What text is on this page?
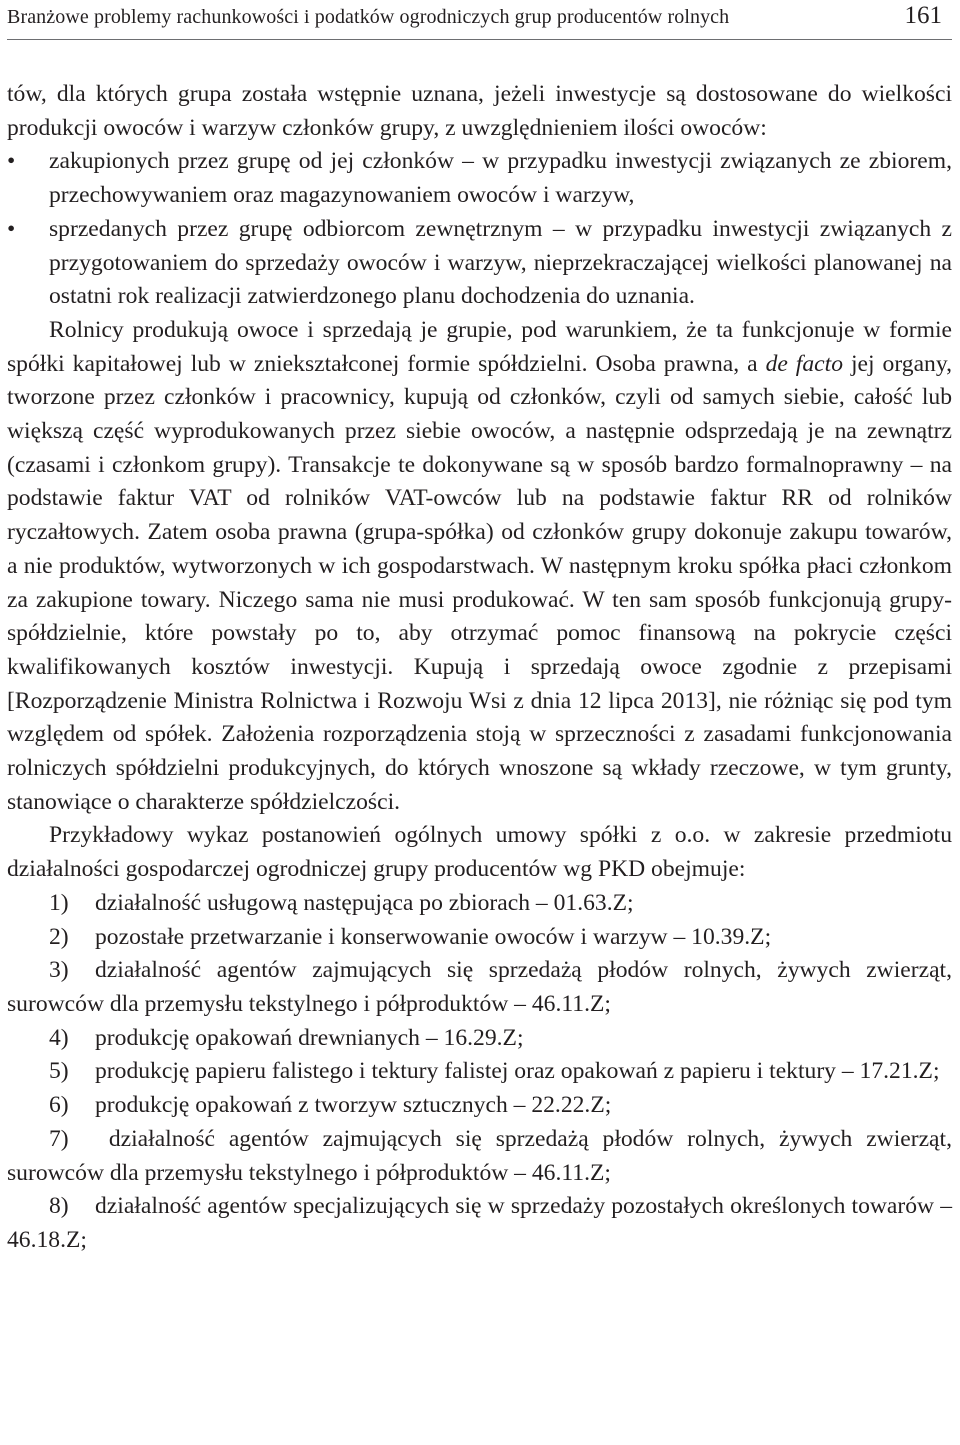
Branżowe problemy rachunkowości i podatków ogrodniczych grup producentów rolnych	161

tów, dla których grupa została wstępnie uznana, jeżeli inwestycje są dostosowane do wielkości produkcji owoców i warzyw członków grupy, z uwzględnieniem ilości owoców:

• zakupionych przez grupę od jej członków – w przypadku inwestycji związanych ze zbiorem, przechowywaniem oraz magazynowaniem owoców i warzyw,
• sprzedanych przez grupę odbiorcom zewnętrznym – w przypadku inwestycji związanych z przygotowaniem do sprzedaży owoców i warzyw, nieprzekraczającej wielkości planowanej na ostatni rok realizacji zatwierdzonego planu dochodzenia do uznania.

Rolnicy produkują owoce i sprzedają je grupie, pod warunkiem, że ta funkcjonuje w formie spółki kapitałowej lub w zniekształconej formie spółdzielni. Osoba prawna, a de facto jej organy, tworzone przez członków i pracownicy, kupują od członków, czyli od samych siebie, całość lub większą część wyprodukowanych przez siebie owoców, a następnie odsprzedają je na zewnątrz (czasami i członkom grupy). Transakcje te dokonywane są w sposób bardzo formalnoprawny – na podstawie faktur VAT od rolników VAT-owców lub na podstawie faktur RR od rolników ryczałtowych. Zatem osoba prawna (grupa-spółka) od członków grupy dokonuje zakupu towarów, a nie produktów, wytworzonych w ich gospodarstwach. W następnym kroku spółka płaci członkom za zakupione towary. Niczego sama nie musi produkować. W ten sam sposób funkcjonują grupy-spółdzielnie, które powstały po to, aby otrzymać pomoc finansową na pokrycie części kwalifikowanych kosztów inwestycji. Kupują i sprzedają owoce zgodnie z przepisami [Rozporządzenie Ministra Rolnictwa i Rozwoju Wsi z dnia 12 lipca 2013], nie różniąc się pod tym względem od spółek. Założenia rozporządzenia stoją w sprzeczności z zasadami funkcjonowania rolniczych spółdzielni produkcyjnych, do których wnoszone są wkłady rzeczowe, w tym grunty, stanowiące o charakterze spółdzielczości.

Przykładowy wykaz postanowień ogólnych umowy spółki z o.o. w zakresie przedmiotu działalności gospodarczej ogrodniczej grupy producentów wg PKD obejmuje:

1) działalność usługową następująca po zbiorach – 01.63.Z;

2) pozostałe przetwarzanie i konserwowanie owoców i warzyw – 10.39.Z;

3) działalność agentów zajmujących się sprzedażą płodów rolnych, żywych zwierząt, surowców dla przemysłu tekstylnego i półproduktów – 46.11.Z;

4) produkcję opakowań drewnianych – 16.29.Z;

5) produkcję papieru falistego i tektury falistej oraz opakowań z papieru i tektury – 17.21.Z;

6) produkcję opakowań z tworzyw sztucznych – 22.22.Z;

7) działalność agentów zajmujących się sprzedażą płodów rolnych, żywych zwierząt, surowców dla przemysłu tekstylnego i półproduktów – 46.11.Z;

8) działalność agentów specjalizujących się w sprzedaży pozostałych określonych towarów – 46.18.Z;
